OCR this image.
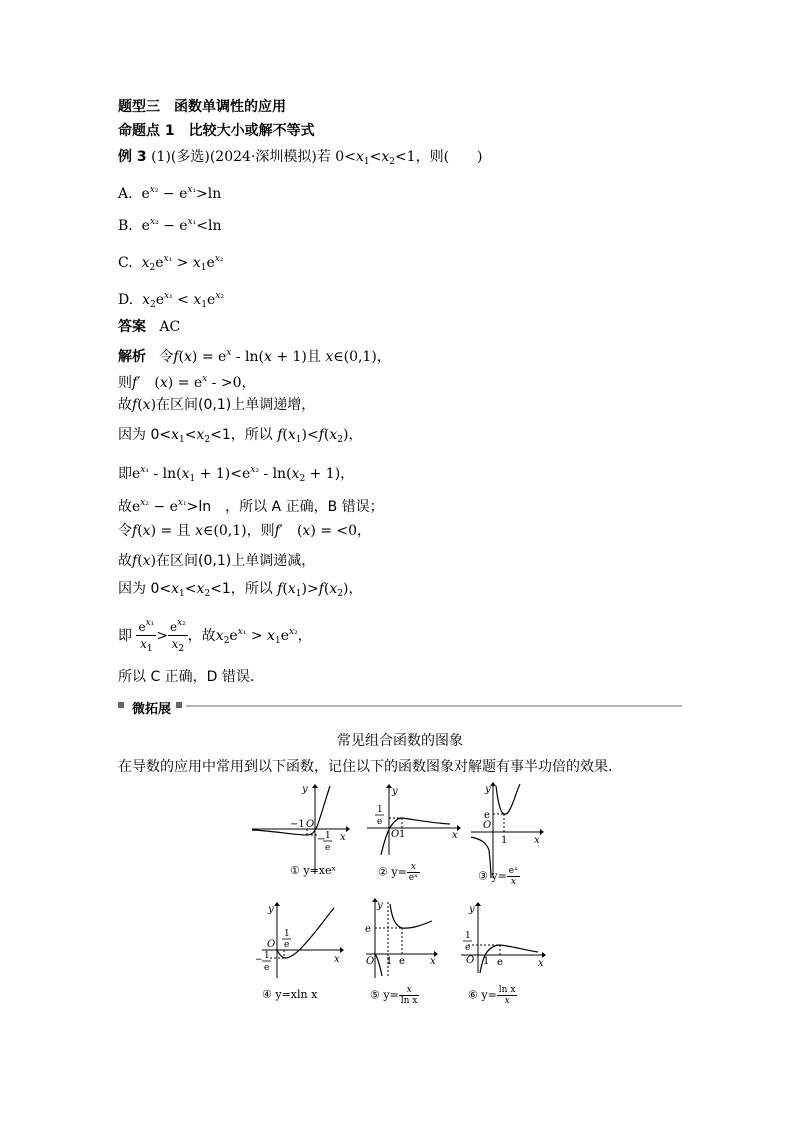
题型三　函数单调性的应用
命题点 1　比较大小或解不等式
例 3 (1)(多选)(2024·深圳模拟)若 $0<x_1<x_2<1$，则(　　)
A.  $e^{x_2} - e^{x_1}>\ln$
B.  $e^{x_2} - e^{x_1}<\ln$
C. $x_2e^{x_1} > x_1e^{x_2}$
D. $x_2e^{x_1} < x_1e^{x_2}$
答案 AC
解析 令$f(x) = e^x - \ln(x + 1)$且 x∈(0,1)，
则f′　$(x) = e^x - >0$，
故f(x)在区间(0,1)上单调递增，
因为 $0<x_1<x_2<1$，所以 $f(x_1)<f(x_2)$，
即$e^{x_1} - \ln(x_1 + 1)<e^{x_2} - \ln(x_2 + 1)$，
故$e^{x_2} - e^{x_1}>\ln$　，所以 A 正确，B 错误；
令f(x) = 且 x∈(0,1)，则f′　(x) = <0，
故f(x)在区间(0,1)上单调递减，
因为 $0<x_1<x_2<1$，所以 $f(x_1)>f(x_2)$，
即 $\frac{e^{x_1}}{x_1} > \frac{e^{x_2}}{x_2}$ ，故$x_2e^{x_1} > x_1e^{x_2}$，
所以 C 正确，D 错误.
微拓展
常见组合函数的图象
在导数的应用中常用到以下函数，记住以下的函数图象对解题有事半功倍的效果.
y
−1 O
x
− 1
e
① y=xeˣ
y
1
e
O 1	x
② $y= \frac{x}{\text{eˣ}}$
y
e
O
1	x
③ $y= \frac{\text{eˣ}}{x}$
y
1
e
O
− 1
e
x
④ y=xln x
y
e
O 1 e	x
⑤ $y= \frac{x}{\text{ln x}}$
y
1
e
O 1 e	x
⑥ $y= \frac{\text{ln x}}{x}$
